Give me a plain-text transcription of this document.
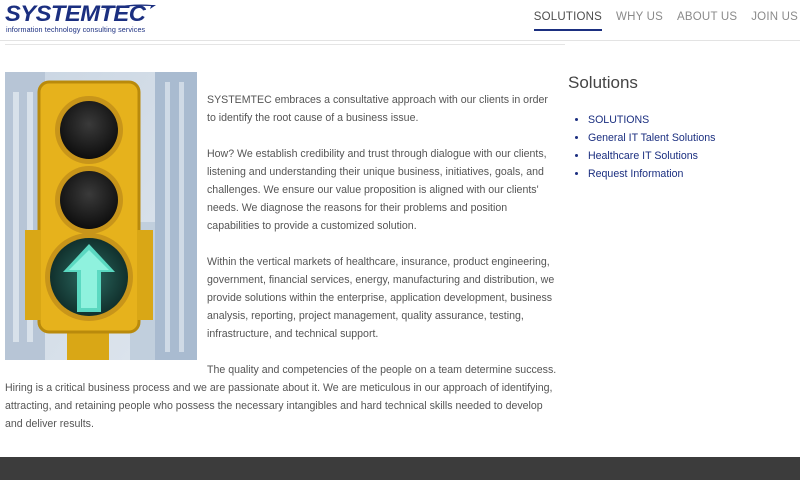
SYSTEMTEC
information technology consulting services
SOLUTIONS WHY US ABOUT US JOIN US

SYSTEMTEC embraces a consultative approach with our clients in order to identify the root cause of a business issue.

How? We establish credibility and trust through dialogue with our clients, listening and understanding their unique business, initiatives, goals, and challenges. We ensure our value proposition is aligned with our clients' needs. We diagnose the reasons for their problems and position capabilities to provide a customized solution.

Within the vertical markets of healthcare, insurance, product engineering, government, financial services, energy, manufacturing and distribution, we provide solutions within the enterprise, application development, business analysis, reporting, project management, quality assurance, testing, infrastructure, and technical support.

The quality and competencies of the people on a team determine success. Hiring is a critical business process and we are passionate about it. We are meticulous in our approach of identifying, attracting, and retaining people who possess the necessary intangibles and hard technical skills needed to develop and deliver results.

Solutions
• SOLUTIONS
• General IT Talent Solutions
• Healthcare IT Solutions
• Request Information
